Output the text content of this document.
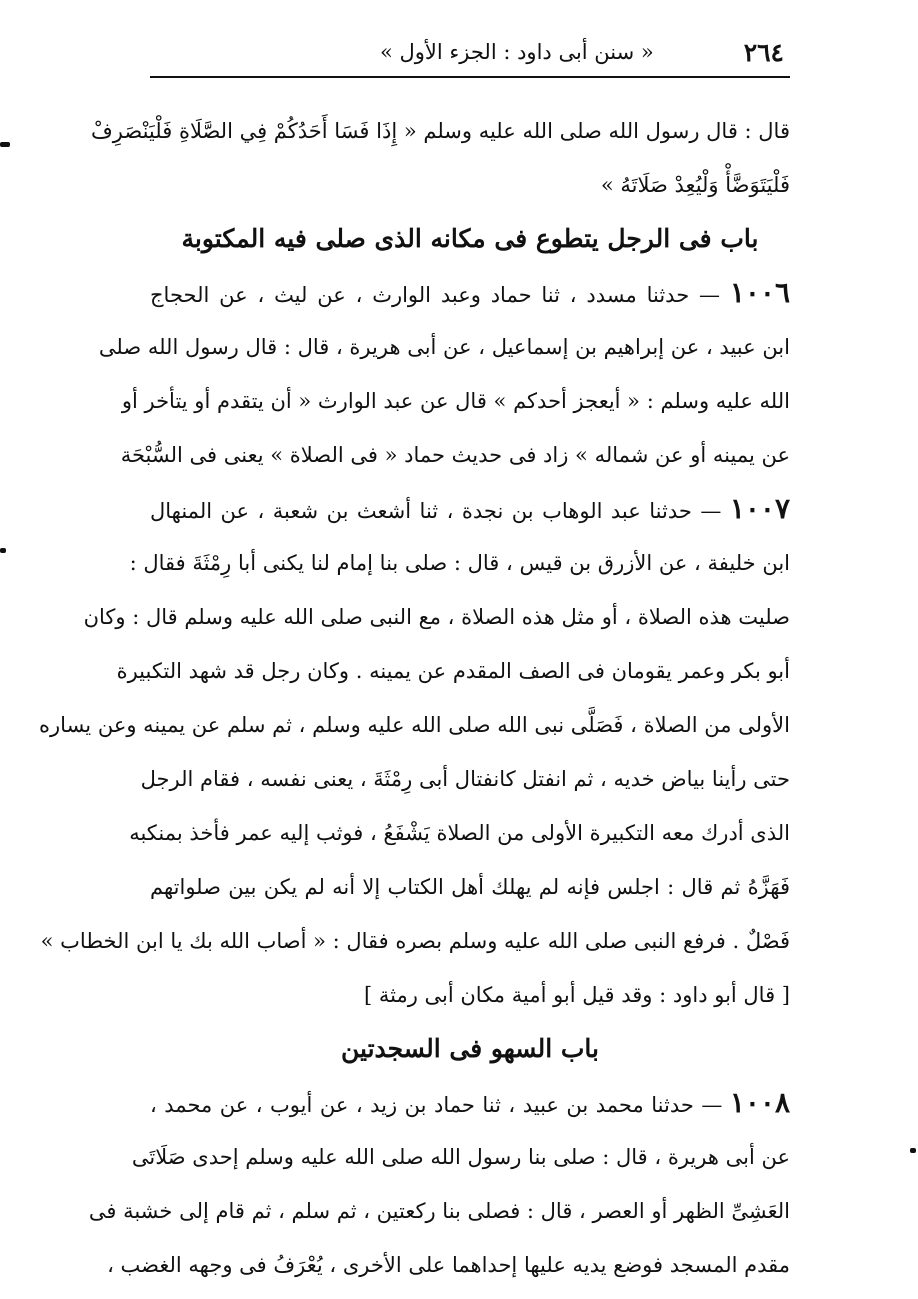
٢٦٤
« سنن أبى داود : الجزء الأول »
قال : قال رسول الله صلى الله عليه وسلم « إِذَا فَسَا أَحَدُكُمْ فِي الصَّلَاةِ فَلْيَنْصَرِفْ
فَلْيَتَوَضَّأْ وَلْيُعِدْ صَلَاتَهُ »
باب فى الرجل يتطوع فى مكانه الذى صلى فيه المكتوبة
١٠٠٦ — حدثنا مسدد ، ثنا حماد وعبد الوارث ، عن ليث ، عن الحجاج
ابن عبيد ، عن إبراهيم بن إسماعيل ، عن أبى هريرة ، قال : قال رسول الله صلى
الله عليه وسلم : « أيعجز أحدكم » قال عن عبد الوارث « أن يتقدم أو يتأخر أو
عن يمينه أو عن شماله » زاد فى حديث حماد « فى الصلاة » يعنى فى السُّبْحَة
١٠٠٧ — حدثنا عبد الوهاب بن نجدة ، ثنا أشعث بن شعبة ، عن المنهال
ابن خليفة ، عن الأزرق بن قيس ، قال : صلى بنا إمام لنا يكنى أبا رِمْثَةَ فقال :
صليت هذه الصلاة ، أو مثل هذه الصلاة ، مع النبى صلى الله عليه وسلم قال : وكان
أبو بكر وعمر يقومان فى الصف المقدم عن يمينه . وكان رجل قد شهد التكبيرة
الأولى من الصلاة ، فَصَلَّى نبى الله صلى الله عليه وسلم ، ثم سلم عن يمينه وعن يساره
حتى رأينا بياض خديه ، ثم انفتل كانفتال أبى رِمْثَةَ ، يعنى نفسه ، فقام الرجل
الذى أدرك معه التكبيرة الأولى من الصلاة يَشْفَعُ ، فوثب إليه عمر فأخذ بمنكبه
فَهَزَّهُ ثم قال : اجلس فإنه لم يهلك أهل الكتاب إلا أنه لم يكن بين صلواتهم
فَصْلٌ . فرفع النبى صلى الله عليه وسلم بصره فقال : « أصاب الله بك يا ابن الخطاب »
[ قال أبو داود : وقد قيل أبو أمية مكان أبى رمثة ]
باب السهو فى السجدتين
١٠٠٨ — حدثنا محمد بن عبيد ، ثنا حماد بن زيد ، عن أيوب ، عن محمد ،
عن أبى هريرة ، قال : صلى بنا رسول الله صلى الله عليه وسلم إحدى صَلَاتَى
العَشِىِّ الظهر أو العصر ، قال : فصلى بنا ركعتين ، ثم سلم ، ثم قام إلى خشبة فى
مقدم المسجد فوضع يديه عليها إحداهما على الأخرى ، يُعْرَفُ فى وجهه الغضب ،
